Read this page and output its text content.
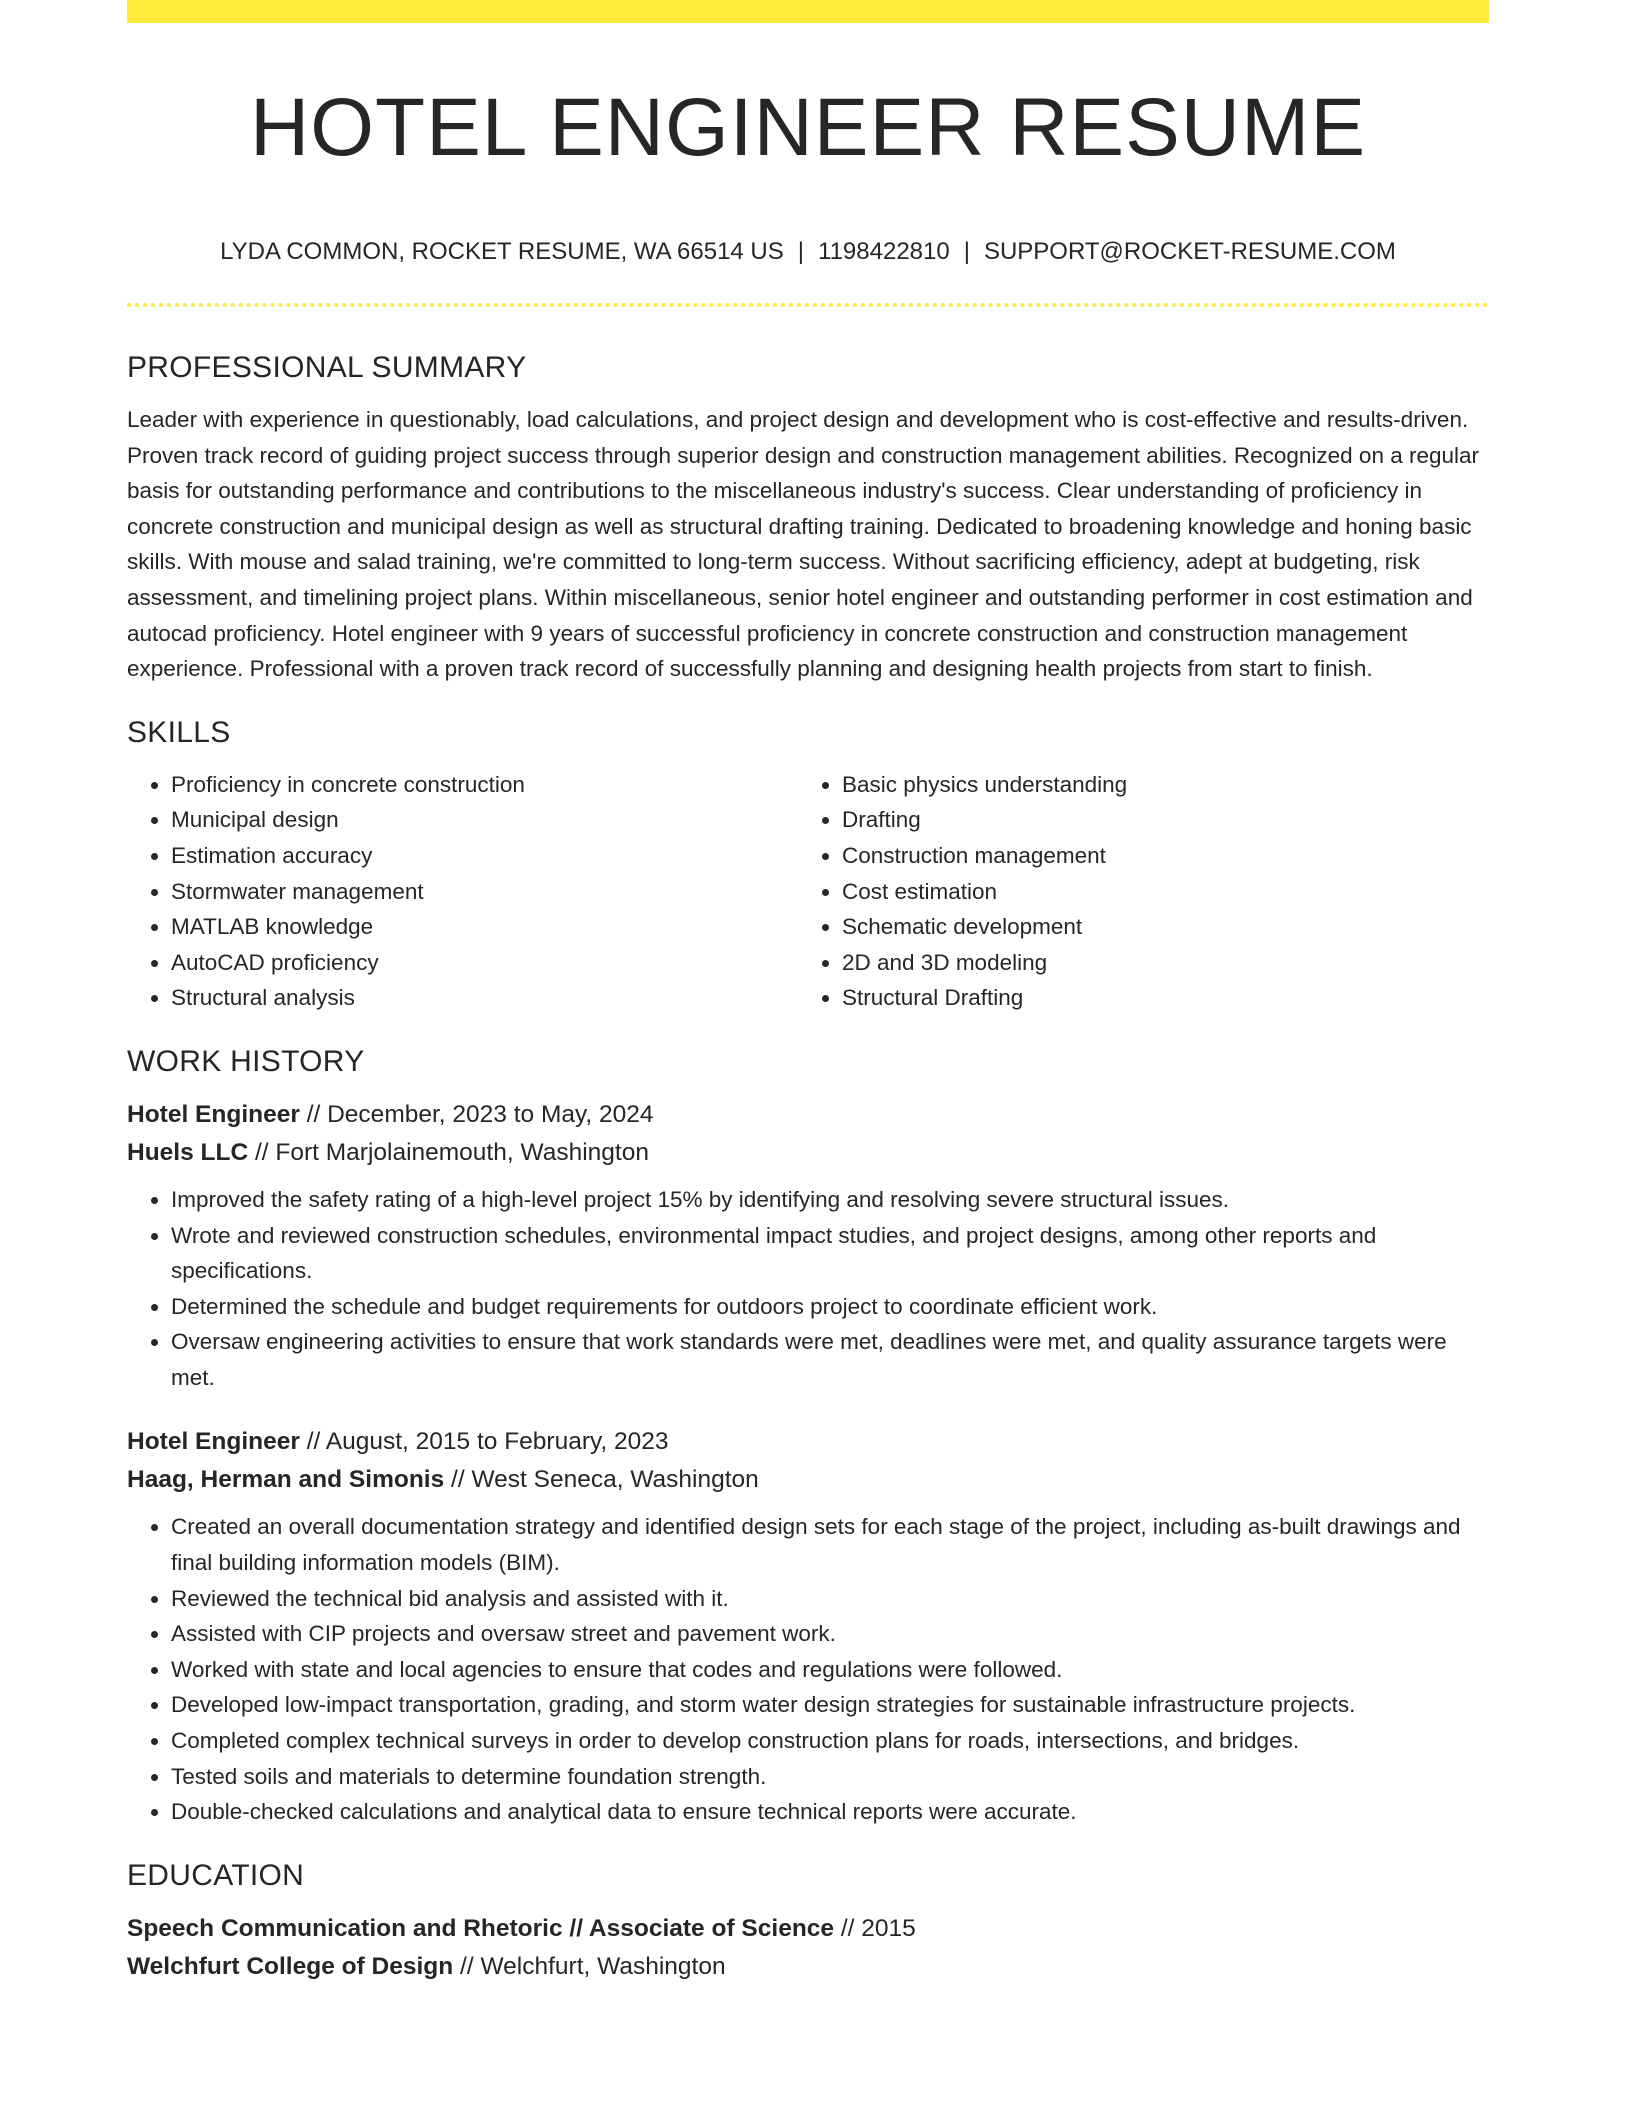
HOTEL ENGINEER RESUME
LYDA COMMON, ROCKET RESUME, WA 66514 US | 1198422810 | SUPPORT@ROCKET-RESUME.COM
PROFESSIONAL SUMMARY

Leader with experience in questionably, load calculations, and project design and development who is cost-effective and results-driven. Proven track record of guiding project success through superior design and construction management abilities. Recognized on a regular basis for outstanding performance and contributions to the miscellaneous industry's success. Clear understanding of proficiency in concrete construction and municipal design as well as structural drafting training. Dedicated to broadening knowledge and honing basic skills. With mouse and salad training, we're committed to long-term success. Without sacrificing efficiency, adept at budgeting, risk assessment, and timelining project plans. Within miscellaneous, senior hotel engineer and outstanding performer in cost estimation and autocad proficiency. Hotel engineer with 9 years of successful proficiency in concrete construction and construction management experience. Professional with a proven track record of successfully planning and designing health projects from start to finish.

SKILLS
• Proficiency in concrete construction
• Municipal design
• Estimation accuracy
• Stormwater management
• MATLAB knowledge
• AutoCAD proficiency
• Structural analysis
• Basic physics understanding
• Drafting
• Construction management
• Cost estimation
• Schematic development
• 2D and 3D modeling
• Structural Drafting
WORK HISTORY
Hotel Engineer // December, 2023 to May, 2024
Huels LLC // Fort Marjolainemouth, Washington
• Improved the safety rating of a high-level project 15% by identifying and resolving severe structural issues.
• Wrote and reviewed construction schedules, environmental impact studies, and project designs, among other reports and specifications.
• Determined the schedule and budget requirements for outdoors project to coordinate efficient work.
• Oversaw engineering activities to ensure that work standards were met, deadlines were met, and quality assurance targets were met.
Hotel Engineer // August, 2015 to February, 2023
Haag, Herman and Simonis // West Seneca, Washington
• Created an overall documentation strategy and identified design sets for each stage of the project, including as-built drawings and final building information models (BIM).
• Reviewed the technical bid analysis and assisted with it.
• Assisted with CIP projects and oversaw street and pavement work.
• Worked with state and local agencies to ensure that codes and regulations were followed.
• Developed low-impact transportation, grading, and storm water design strategies for sustainable infrastructure projects.
• Completed complex technical surveys in order to develop construction plans for roads, intersections, and bridges.
• Tested soils and materials to determine foundation strength.
• Double-checked calculations and analytical data to ensure technical reports were accurate.
EDUCATION
Speech Communication and Rhetoric // Associate of Science // 2015
Welchfurt College of Design // Welchfurt, Washington
